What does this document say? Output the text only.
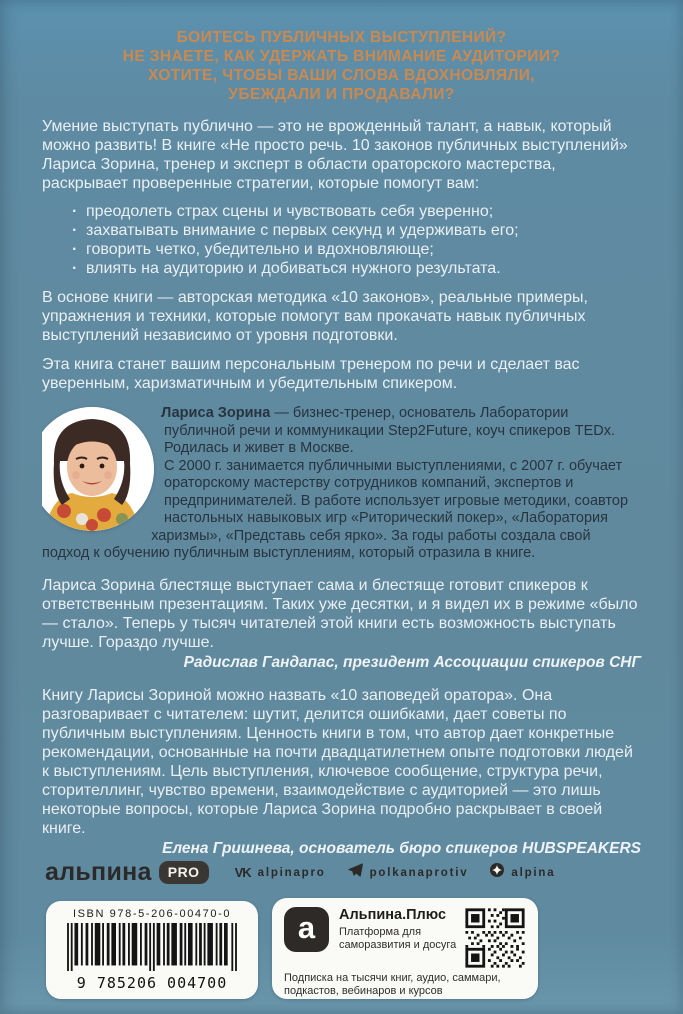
БОИТЕСЬ ПУБЛИЧНЫХ ВЫСТУПЛЕНИЙ?
НЕ ЗНАЕТЕ, КАК УДЕРЖАТЬ ВНИМАНИЕ АУДИТОРИИ?
ХОТИТЕ, ЧТОБЫ ВАШИ СЛОВА ВДОХНОВЛЯЛИ,
УБЕЖДАЛИ И ПРОДАВАЛИ?

Умение выступать публично — это не врожденный талант, а навык, который можно развить! В книге «Не просто речь. 10 законов публичных выступлений» Лариса Зорина, тренер и эксперт в области ораторского мастерства, раскрывает проверенные стратегии, которые помогут вам:

· преодолеть страх сцены и чувствовать себя уверенно;
· захватывать внимание с первых секунд и удерживать его;
· говорить четко, убедительно и вдохновляюще;
· влиять на аудиторию и добиваться нужного результата.

В основе книги — авторская методика «10 законов», реальные примеры, упражнения и техники, которые помогут вам прокачать навык публичных выступлений независимо от уровня подготовки.

Эта книга станет вашим персональным тренером по речи и сделает вас уверенным, харизматичным и убедительным спикером.

Лариса Зорина — бизнес-тренер, основатель Лаборатории публичной речи и коммуникации Step2Future, коуч спикеров TEDx. Родилась и живет в Москве.

С 2000 г. занимается публичными выступлениями, с 2007 г. обучает ораторскому мастерству сотрудников компаний, экспертов и предпринимателей. В работе использует игровые методики, соавтор настольных навыковых игр «Риторический покер», «Лаборатория харизмы», «Представь себя ярко». За годы работы создала свой подход к обучению публичным выступлениям, который отразила в книге.

Лариса Зорина блестяще выступает сама и блестяще готовит спикеров к ответственным презентациям. Таких уже десятки, и я видел их в режиме «было — стало». Теперь у тысяч читателей этой книги есть возможность выступать лучше. Гораздо лучше.

Радислав Гандапас, президент Ассоциации спикеров СНГ

Книгу Ларисы Зориной можно назвать «10 заповедей оратора». Она разговаривает с читателем: шутит, делится ошибками, дает советы по публичным выступлениям. Ценность книги в том, что автор дает конкретные рекомендации, основанные на почти двадцатилетнем опыте подготовки людей к выступлениям. Цель выступления, ключевое сообщение, структура речи, сторителлинг, чувство времени, взаимодействие с аудиторией — это лишь некоторые вопросы, которые Лариса Зорина подробно раскрывает в своей книге.

Елена Гришнева, основатель бюро спикеров HUBSPEAKERS

альпина	PRO	VK alpinapro	polkanaprotiv	alpina
ISBN 978-5-206-00470-0
9 785206 004700
a	Альпина.Плюс
Платформа для саморазвития и досуга
Подписка на тысячи книг, аудио, саммари, подкастов, вебинаров и курсов
